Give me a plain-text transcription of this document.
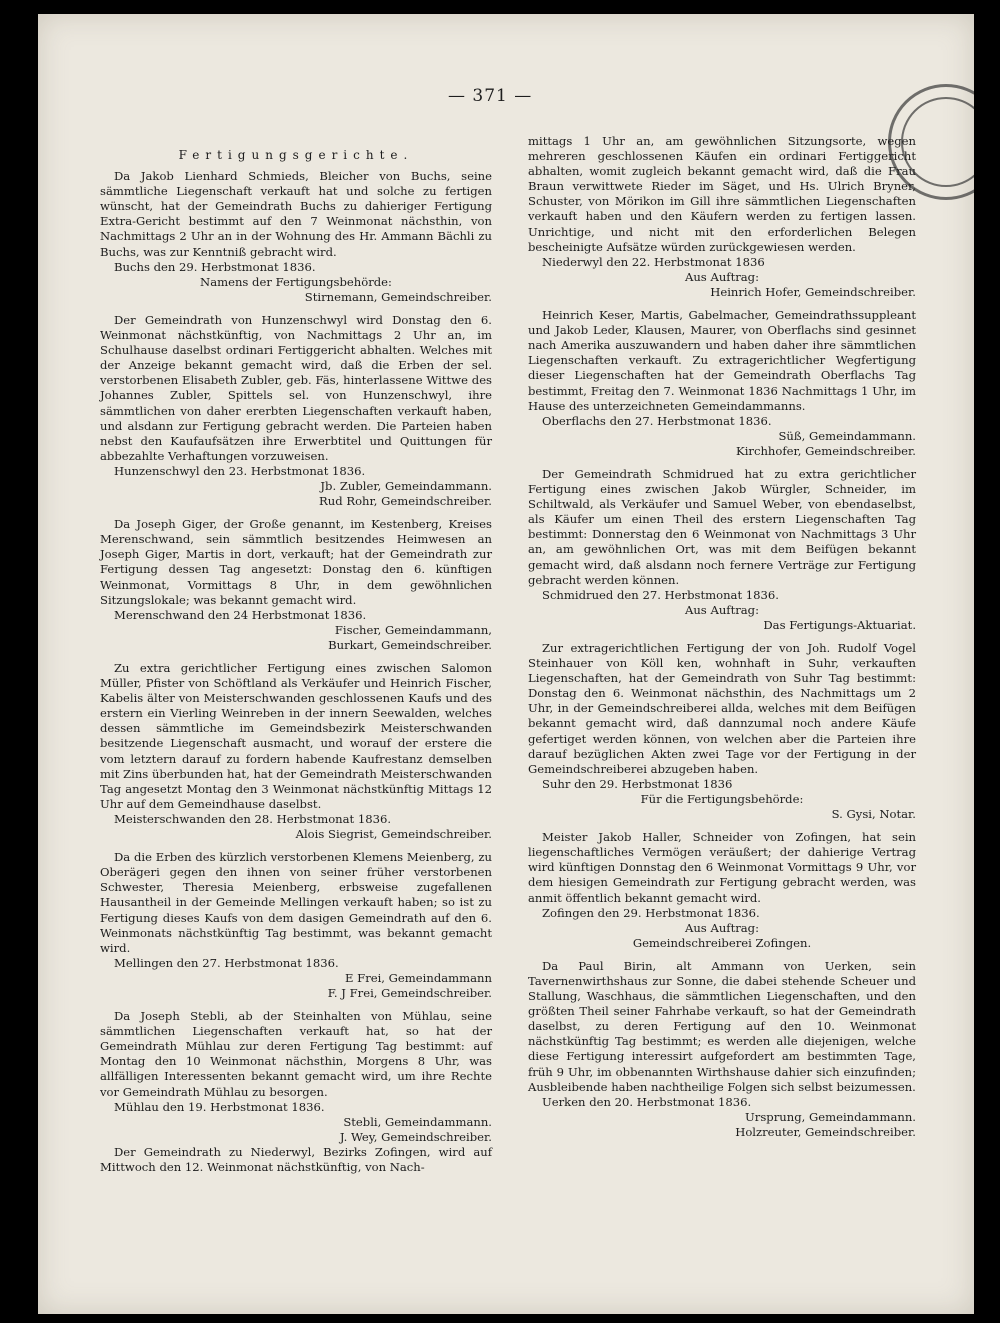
— 371 —
Fertigungsgerichte.

Da Jakob Lienhard Schmieds, Bleicher von Buchs, seine sämmtliche Liegenschaft verkauft hat und solche zu fertigen wünscht, hat der Gemeindrath Buchs zu dahieriger Fertigung Extra-Gericht bestimmt auf den 7 Weinmonat nächsthin, von Nachmittags 2 Uhr an in der Wohnung des Hr. Ammann Bächli zu Buchs, was zur Kenntniß gebracht wird.

Buchs den 29. Herbstmonat 1836.
Namens der Fertigungsbehörde:
Stirnemann, Gemeindschreiber.

Der Gemeindrath von Hunzenschwyl wird Donstag den 6. Weinmonat nächstkünftig, von Nachmittags 2 Uhr an, im Schulhause daselbst ordinari Fertiggericht abhalten. Welches mit der Anzeige bekannt gemacht wird, daß die Erben der sel. verstorbenen Elisabeth Zubler, geb. Fäs, hinterlassene Wittwe des Johannes Zubler, Spittels sel. von Hunzenschwyl, ihre sämmtlichen von daher ererbten Liegenschaften verkauft haben, und alsdann zur Fertigung gebracht werden. Die Parteien haben nebst den Kaufaufsätzen ihre Erwerbtitel und Quittungen für abbezahlte Verhaftungen vorzuweisen.

Hunzenschwyl den 23. Herbstmonat 1836.
Jb. Zubler, Gemeindammann.
Rud Rohr, Gemeindschreiber.

Da Joseph Giger, der Große genannt, im Kestenberg, Kreises Merenschwand, sein sämmtlich besitzendes Heimwesen an Joseph Giger, Martis in dort, verkauft; hat der Gemeindrath zur Fertigung dessen Tag angesetzt: Donstag den 6. künftigen Weinmonat, Vormittags 8 Uhr, in dem gewöhnlichen Sitzungslokale; was bekannt gemacht wird.

Merenschwand den 24 Herbstmonat 1836.
Fischer, Gemeindammann,
Burkart, Gemeindschreiber.

Zu extra gerichtlicher Fertigung eines zwischen Salomon Müller, Pfister von Schöftland als Verkäufer und Heinrich Fischer, Kabelis älter von Meisterschwanden geschlossenen Kaufs und des erstern ein Vierling Weinreben in der innern Seewalden, welches dessen sämmtliche im Gemeindsbezirk Meisterschwanden besitzende Liegenschaft ausmacht, und worauf der erstere die vom letztern darauf zu fordern habende Kaufrestanz demselben mit Zins überbunden hat, hat der Gemeindrath Meisterschwanden Tag angesetzt Montag den 3 Weinmonat nächstkünftig Mittags 12 Uhr auf dem Gemeindhause daselbst.

Meisterschwanden den 28. Herbstmonat 1836.
Alois Siegrist, Gemeindschreiber.

Da die Erben des kürzlich verstorbenen Klemens Meienberg, zu Oberägeri gegen den ihnen von seiner früher verstorbenen Schwester, Theresia Meienberg, erbsweise zugefallenen Hausantheil in der Gemeinde Mellingen verkauft haben; so ist zu Fertigung dieses Kaufs von dem dasigen Gemeindrath auf den 6. Weinmonats nächstkünftig Tag bestimmt, was bekannt gemacht wird.

Mellingen den 27. Herbstmonat 1836.
E Frei, Gemeindammann
F. J Frei, Gemeindschreiber.

Da Joseph Stebli, ab der Steinhalten von Mühlau, seine sämmtlichen Liegenschaften verkauft hat, so hat der Gemeindrath Mühlau zur deren Fertigung Tag bestimmt: auf Montag den 10 Weinmonat nächsthin, Morgens 8 Uhr, was allfälligen Interessenten bekannt gemacht wird, um ihre Rechte vor Gemeindrath Mühlau zu besorgen.

Mühlau den 19. Herbstmonat 1836.
Stebli, Gemeindammann.
J. Wey, Gemeindschreiber.

Der Gemeindrath zu Niederwyl, Bezirks Zofingen, wird auf Mittwoch den 12. Weinmonat nächstkünftig, von Nach-

mittags 1 Uhr an, am gewöhnlichen Sitzungsorte, wegen mehreren geschlossenen Käufen ein ordinari Fertiggericht abhalten, womit zugleich bekannt gemacht wird, daß die Frau Braun verwittwete Rieder im Säget, und Hs. Ulrich Bryner, Schuster, von Mörikon im Gill ihre sämmtlichen Liegenschaften verkauft haben und den Käufern werden zu fertigen lassen. Unrichtige, und nicht mit den erforderlichen Belegen bescheinigte Aufsätze würden zurückgewiesen werden.

Niederwyl den 22. Herbstmonat 1836
Aus Auftrag:
Heinrich Hofer, Gemeindschreiber.

Heinrich Keser, Martis, Gabelmacher, Gemeindrathssuppleant und Jakob Leder, Klausen, Maurer, von Oberflachs sind gesinnet nach Amerika auszuwandern und haben daher ihre sämmtlichen Liegenschaften verkauft. Zu extragerichtlicher Wegfertigung dieser Liegenschaften hat der Gemeindrath Oberflachs Tag bestimmt, Freitag den 7. Weinmonat 1836 Nachmittags 1 Uhr, im Hause des unterzeichneten Gemeindammanns.

Oberflachs den 27. Herbstmonat 1836.
Süß, Gemeindammann.
Kirchhofer, Gemeindschreiber.

Der Gemeindrath Schmidrued hat zu extra gerichtlicher Fertigung eines zwischen Jakob Würgler, Schneider, im Schiltwald, als Verkäufer und Samuel Weber, von ebendaselbst, als Käufer um einen Theil des erstern Liegenschaften Tag bestimmt: Donnerstag den 6 Weinmonat von Nachmittags 3 Uhr an, am gewöhnlichen Ort, was mit dem Beifügen bekannt gemacht wird, daß alsdann noch fernere Verträge zur Fertigung gebracht werden können.

Schmidrued den 27. Herbstmonat 1836.
Aus Auftrag:
Das Fertigungs-Aktuariat.

Zur extragerichtlichen Fertigung der von Joh. Rudolf Vogel Steinhauer von Köll ken, wohnhaft in Suhr, verkauften Liegenschaften, hat der Gemeindrath von Suhr Tag bestimmt: Donstag den 6. Weinmonat nächsthin, des Nachmittags um 2 Uhr, in der Gemeindschreiberei allda, welches mit dem Beifügen bekannt gemacht wird, daß dannzumal noch andere Käufe gefertiget werden können, von welchen aber die Parteien ihre darauf bezüglichen Akten zwei Tage vor der Fertigung in der Gemeindschreiberei abzugeben haben.

Suhr den 29. Herbstmonat 1836
Für die Fertigungsbehörde:
S. Gysi, Notar.

Meister Jakob Haller, Schneider von Zofingen, hat sein liegenschaftliches Vermögen veräußert; der dahierige Vertrag wird künftigen Donnstag den 6 Weinmonat Vormittags 9 Uhr, vor dem hiesigen Gemeindrath zur Fertigung gebracht werden, was anmit öffentlich bekannt gemacht wird.

Zofingen den 29. Herbstmonat 1836.
Aus Auftrag:
Gemeindschreiberei Zofingen.

Da Paul Birin, alt Ammann von Uerken, sein Tavernenwirthshaus zur Sonne, die dabei stehende Scheuer und Stallung, Waschhaus, die sämmtlichen Liegenschaften, und den größten Theil seiner Fahrhabe verkauft, so hat der Gemeindrath daselbst, zu deren Fertigung auf den 10. Weinmonat nächstkünftig Tag bestimmt; es werden alle diejenigen, welche diese Fertigung interessirt aufgefordert am bestimmten Tage, früh 9 Uhr, im obbenannten Wirthshause dahier sich einzufinden; Ausbleibende haben nachtheilige Folgen sich selbst beizumessen.

Uerken den 20. Herbstmonat 1836.
Ursprung, Gemeindammann.
Holzreuter, Gemeindschreiber.
